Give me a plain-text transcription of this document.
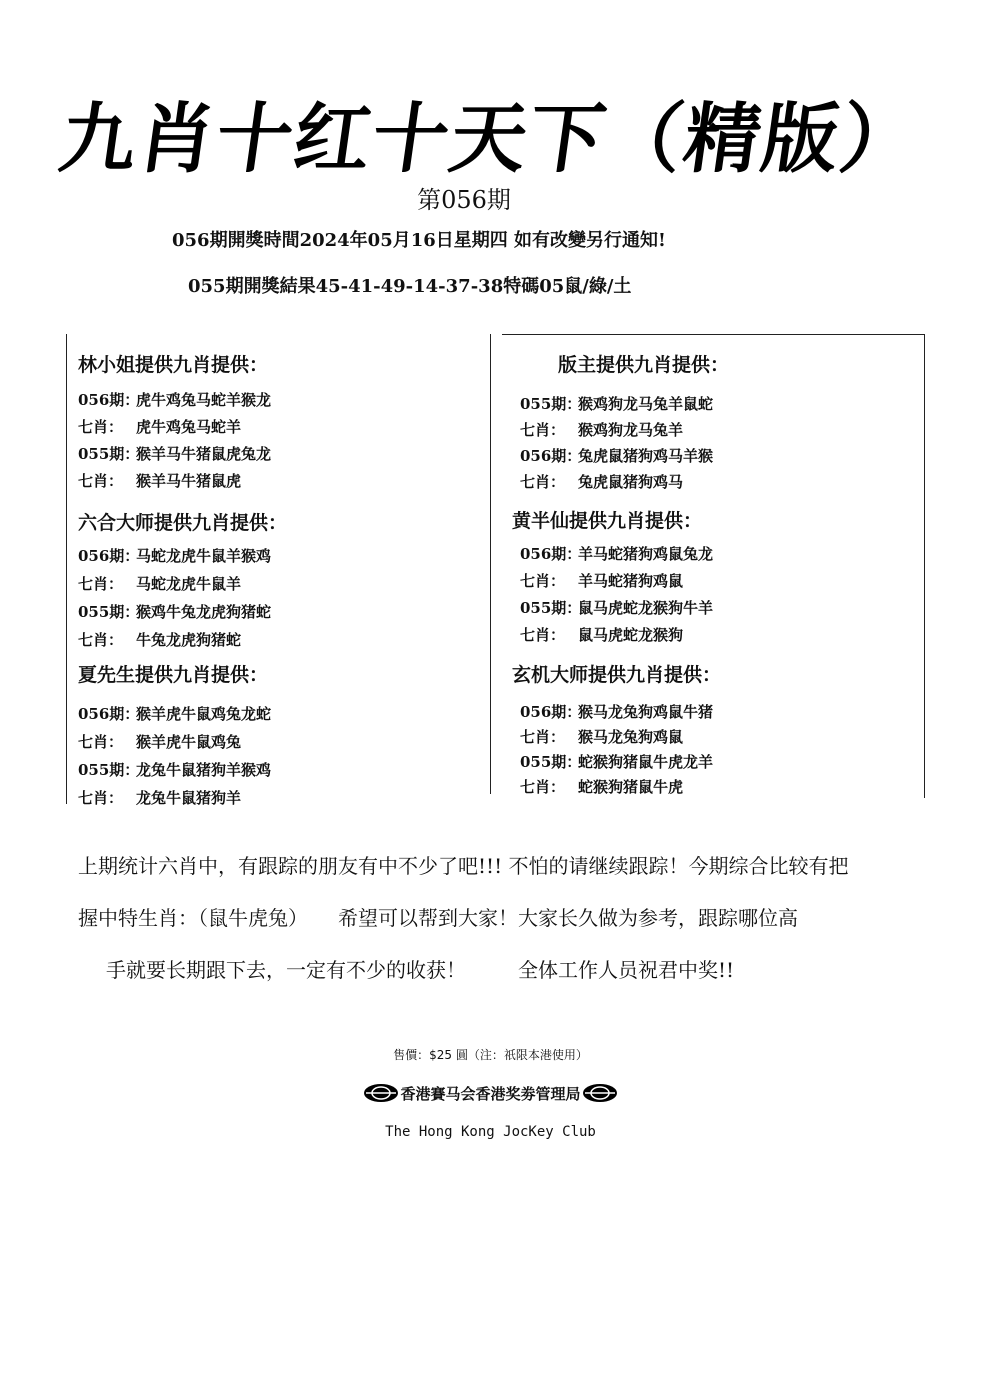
九肖十红十天下（精版）
第056期
056期開獎時間2024年05月16日星期四 如有改變另行通知!
055期開獎結果45-41-49-14-37-38特碼05鼠/綠/土
林小姐提供九肖提供：
056期：虎牛鸡兔马蛇羊猴龙
七肖： 虎牛鸡兔马蛇羊
055期：猴羊马牛猪鼠虎兔龙
七肖： 猴羊马牛猪鼠虎
六合大师提供九肖提供：
056期：马蛇龙虎牛鼠羊猴鸡
七肖： 马蛇龙虎牛鼠羊
055期：猴鸡牛兔龙虎狗猪蛇
七肖： 牛兔龙虎狗猪蛇
夏先生提供九肖提供：
056期：猴羊虎牛鼠鸡兔龙蛇
七肖： 猴羊虎牛鼠鸡兔
055期：龙兔牛鼠猪狗羊猴鸡
七肖： 龙兔牛鼠猪狗羊
版主提供九肖提供：
055期：猴鸡狗龙马兔羊鼠蛇
七肖： 猴鸡狗龙马兔羊
056期：兔虎鼠猪狗鸡马羊猴
七肖： 兔虎鼠猪狗鸡马
黄半仙提供九肖提供：
056期：羊马蛇猪狗鸡鼠兔龙
七肖： 羊马蛇猪狗鸡鼠
055期：鼠马虎蛇龙猴狗牛羊
七肖： 鼠马虎蛇龙猴狗
玄机大师提供九肖提供：
056期：猴马龙兔狗鸡鼠牛猪
七肖： 猴马龙兔狗鸡鼠
055期：蛇猴狗猪鼠牛虎龙羊
七肖： 蛇猴狗猪鼠牛虎
上期统计六肖中，有跟踪的朋友有中不少了吧!!! 不怕的请继续跟踪！今期综合比较有把
握中特生肖：（鼠牛虎兔） 希望可以帮到大家！大家长久做为参考，跟踪哪位高
手就要长期跟下去，一定有不少的收获！	全体工作人员祝君中奖!!
售價：$25 圓（注：祇限本港使用）
香港賽马会香港奖劵管理局
The Hong Kong JocKey Club
